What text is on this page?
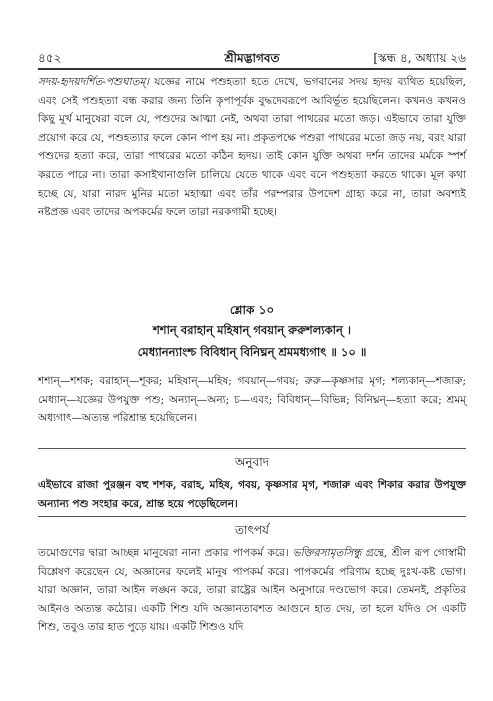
৪৫২	শ্রীমদ্ভাগবত	[স্কন্ধ ৪, অধ্যায় ২৬

সদয়-হৃদয়দর্শিত-পশুঘাতম্‌। যজ্ঞের নামে পশুহত্যা হতে দেখে, ভগবানের সদয় হৃদয় ব্যথিত হয়েছিল, এবং সেই পশুহত্যা বন্ধ করার জন্য তিনি কৃপাপূর্বক বুদ্ধদেবরূপে আবির্ভূত হয়েছিলেন। কখনও কখনও কিছু মূর্খ মানুষেরা বলে যে, পশুদের আত্মা নেই, অথবা তারা পাথরের মতো জড়। এইভাবে তারা যুক্তি প্রয়োগ করে যে, পশুহত্যার ফলে কোন পাপ হয় না। প্রকৃতপক্ষে পশুরা পাথরের মতো জড় নয়, বরং যারা পশুদের হত্যা করে, তারা পাথরের মতো কঠিন হৃদয়। তাই কোন যুক্তি অথবা দর্শন তাদের মর্মকে স্পর্শ করতে পারে না। তারা কসাইখানাগুলি চালিয়ে যেতে থাকে এবং বনে পশুহত্যা করতে থাকে। মূল কথা হচ্ছে যে, যারা নারদ মুনির মতো মহাত্মা এবং তাঁর পরম্পরার উপদেশ গ্রাহ্য করে না, তারা অবশ্যই নষ্টপ্রজ্ঞ এবং তাদের অপকর্মের ফলে তারা নরকগামী হচ্ছে।

শ্লোক ১০
শশান্‌ বরাহান্‌ মহিষান্‌ গবয়ান্‌ রুরুশল্যকান্‌ ।
মেধ্যানন্যাংশ্চ বিবিধান্‌ বিনিঘ্নন্‌ শ্রমমধ্যগাৎ ॥ ১০ ॥

শশান্‌—শশক; বরাহান্‌—শূকর; মহিষান্‌—মহিষ; গবয়ান্‌—গবয়; রুরু—কৃষ্ণসার মৃগ; শল্যকান্‌—শজারু; মেধ্যান্‌—যজ্ঞের উপযুক্ত পশু; অন্যান্‌—অন্য; চ—এবং; বিবিধান্‌—বিভিন্ন; বিনিঘ্নন্‌—হত্যা করে; শ্রমম্‌ অধ্যগাৎ—অত্যন্ত পরিশ্রান্ত হয়েছিলেন।

অনুবাদ

এইভাবে রাজা পুরঞ্জন বহু শশক, বরাহ, মহিষ, গবয়, কৃষ্ণসার মৃগ, শজারু এবং শিকার করার উপযুক্ত অন্যান্য পশু সংহার করে, শ্রান্ত হয়ে পড়েছিলেন।

তাৎপর্য

তমোগুণের দ্বারা আচ্ছন্ন মানুষেরা নানা প্রকার পাপকর্ম করে। ভক্তিরসামৃতসিন্ধু গ্রন্থে, শ্রীল রূপ গোস্বামী বিশ্লেষণ করেছেন যে, অজ্ঞানের ফলেই মানুষ পাপকর্ম করে। পাপকর্মের পরিণাম হচ্ছে দুঃখ-কষ্ট ভোগ। যারা অজ্ঞান, তারা আইন লঙ্ঘন করে, তারা রাষ্ট্রের আইন অনুসারে দণ্ডভোগ করে। তেমনই, প্রকৃতির আইনও অত্যন্ত কঠোর। একটি শিশু যদি অজ্ঞানতাবশত আগুনে হাত দেয়, তা হলে যদিও সে একটি শিশু, তবুও তার হাত পুড়ে যায়। একটি শিশুও যদি
